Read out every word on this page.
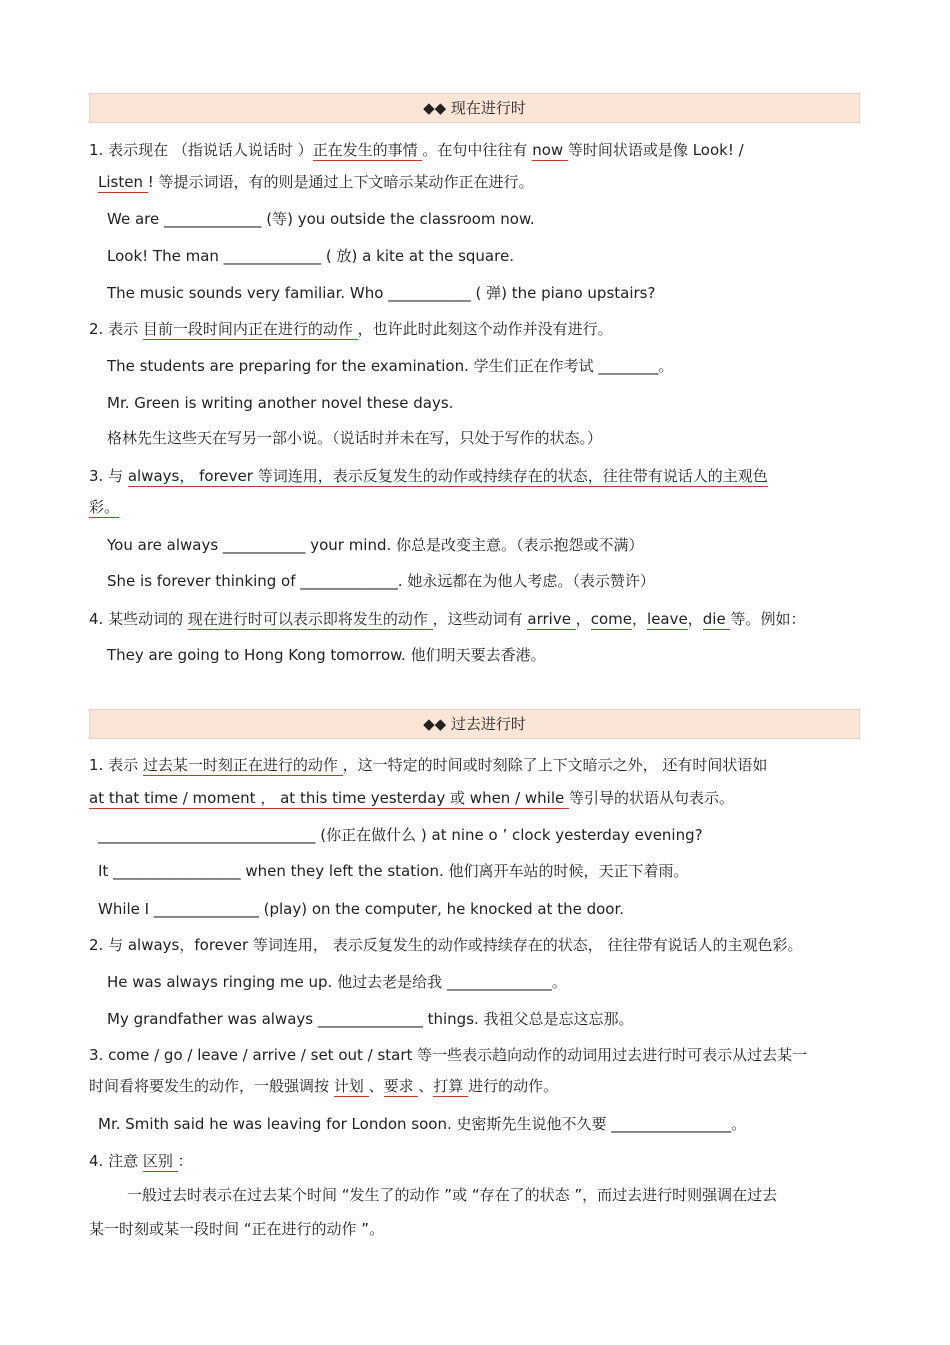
◆◆ 现在进行时
1. 表示现在 （指说话人说话时 ）正在发生的事情 。在句中往往有 now 等时间状语或是像 Look! /
Listen ! 等提示词语，有的则是通过上下文暗示某动作正在进行。
We are _____________ (等) you outside the classroom now.
Look! The man _____________ ( 放) a kite at the square.
The music sounds very familiar. Who ___________ ( 弹) the piano upstairs?
2. 表示 目前一段时间内正在进行的动作 ，也许此时此刻这个动作并没有进行。
The students are preparing for the examination. 学生们正在作考试 ________。
Mr. Green is writing another novel these days.
格林先生这些天在写另一部小说。（说话时并未在写，只处于写作的状态。）
3. 与 always， forever 等词连用，表示反复发生的动作或持续存在的状态，往往带有说话人的主观色
彩。
You are always ___________ your mind. 你总是改变主意。（表示抱怨或不满）
She is forever thinking of _____________. 她永远都在为他人考虑。（表示赞许）
4. 某些动词的 现在进行时可以表示即将发生的动作 ，这些动词有 arrive ，come，leave，die 等。例如：
They are going to Hong Kong tomorrow. 他们明天要去香港。
◆◆ 过去进行时
1. 表示 过去某一时刻正在进行的动作 ，这一特定的时间或时刻除了上下文暗示之外， 还有时间状语如
at that time / moment ， at this time yesterday 或 when / while 等引导的状语从句表示。
_____________________________ (你正在做什么 ) at nine o ’ clock yesterday evening?
It _________________ when they left the station. 他们离开车站的时候，天正下着雨。
While I ______________ (play) on the computer, he knocked at the door.
2. 与 always，forever 等词连用， 表示反复发生的动作或持续存在的状态， 往往带有说话人的主观色彩。
He was always ringing me up. 他过去老是给我 ______________。
My grandfather was always ______________ things. 我祖父总是忘这忘那。
3. come / go / leave / arrive / set out / start 等一些表示趋向动作的动词用过去进行时可表示从过去某一
时间看将要发生的动作，一般强调按 计划 、要求 、打算 进行的动作。
Mr. Smith said he was leaving for London soon. 史密斯先生说他不久要 ________________。
4. 注意 区别 ：
一般过去时表示在过去某个时间 “发生了的动作 ”或 “存在了的状态 ”，而过去进行时则强调在过去
某一时刻或某一段时间 “正在进行的动作 ”。
